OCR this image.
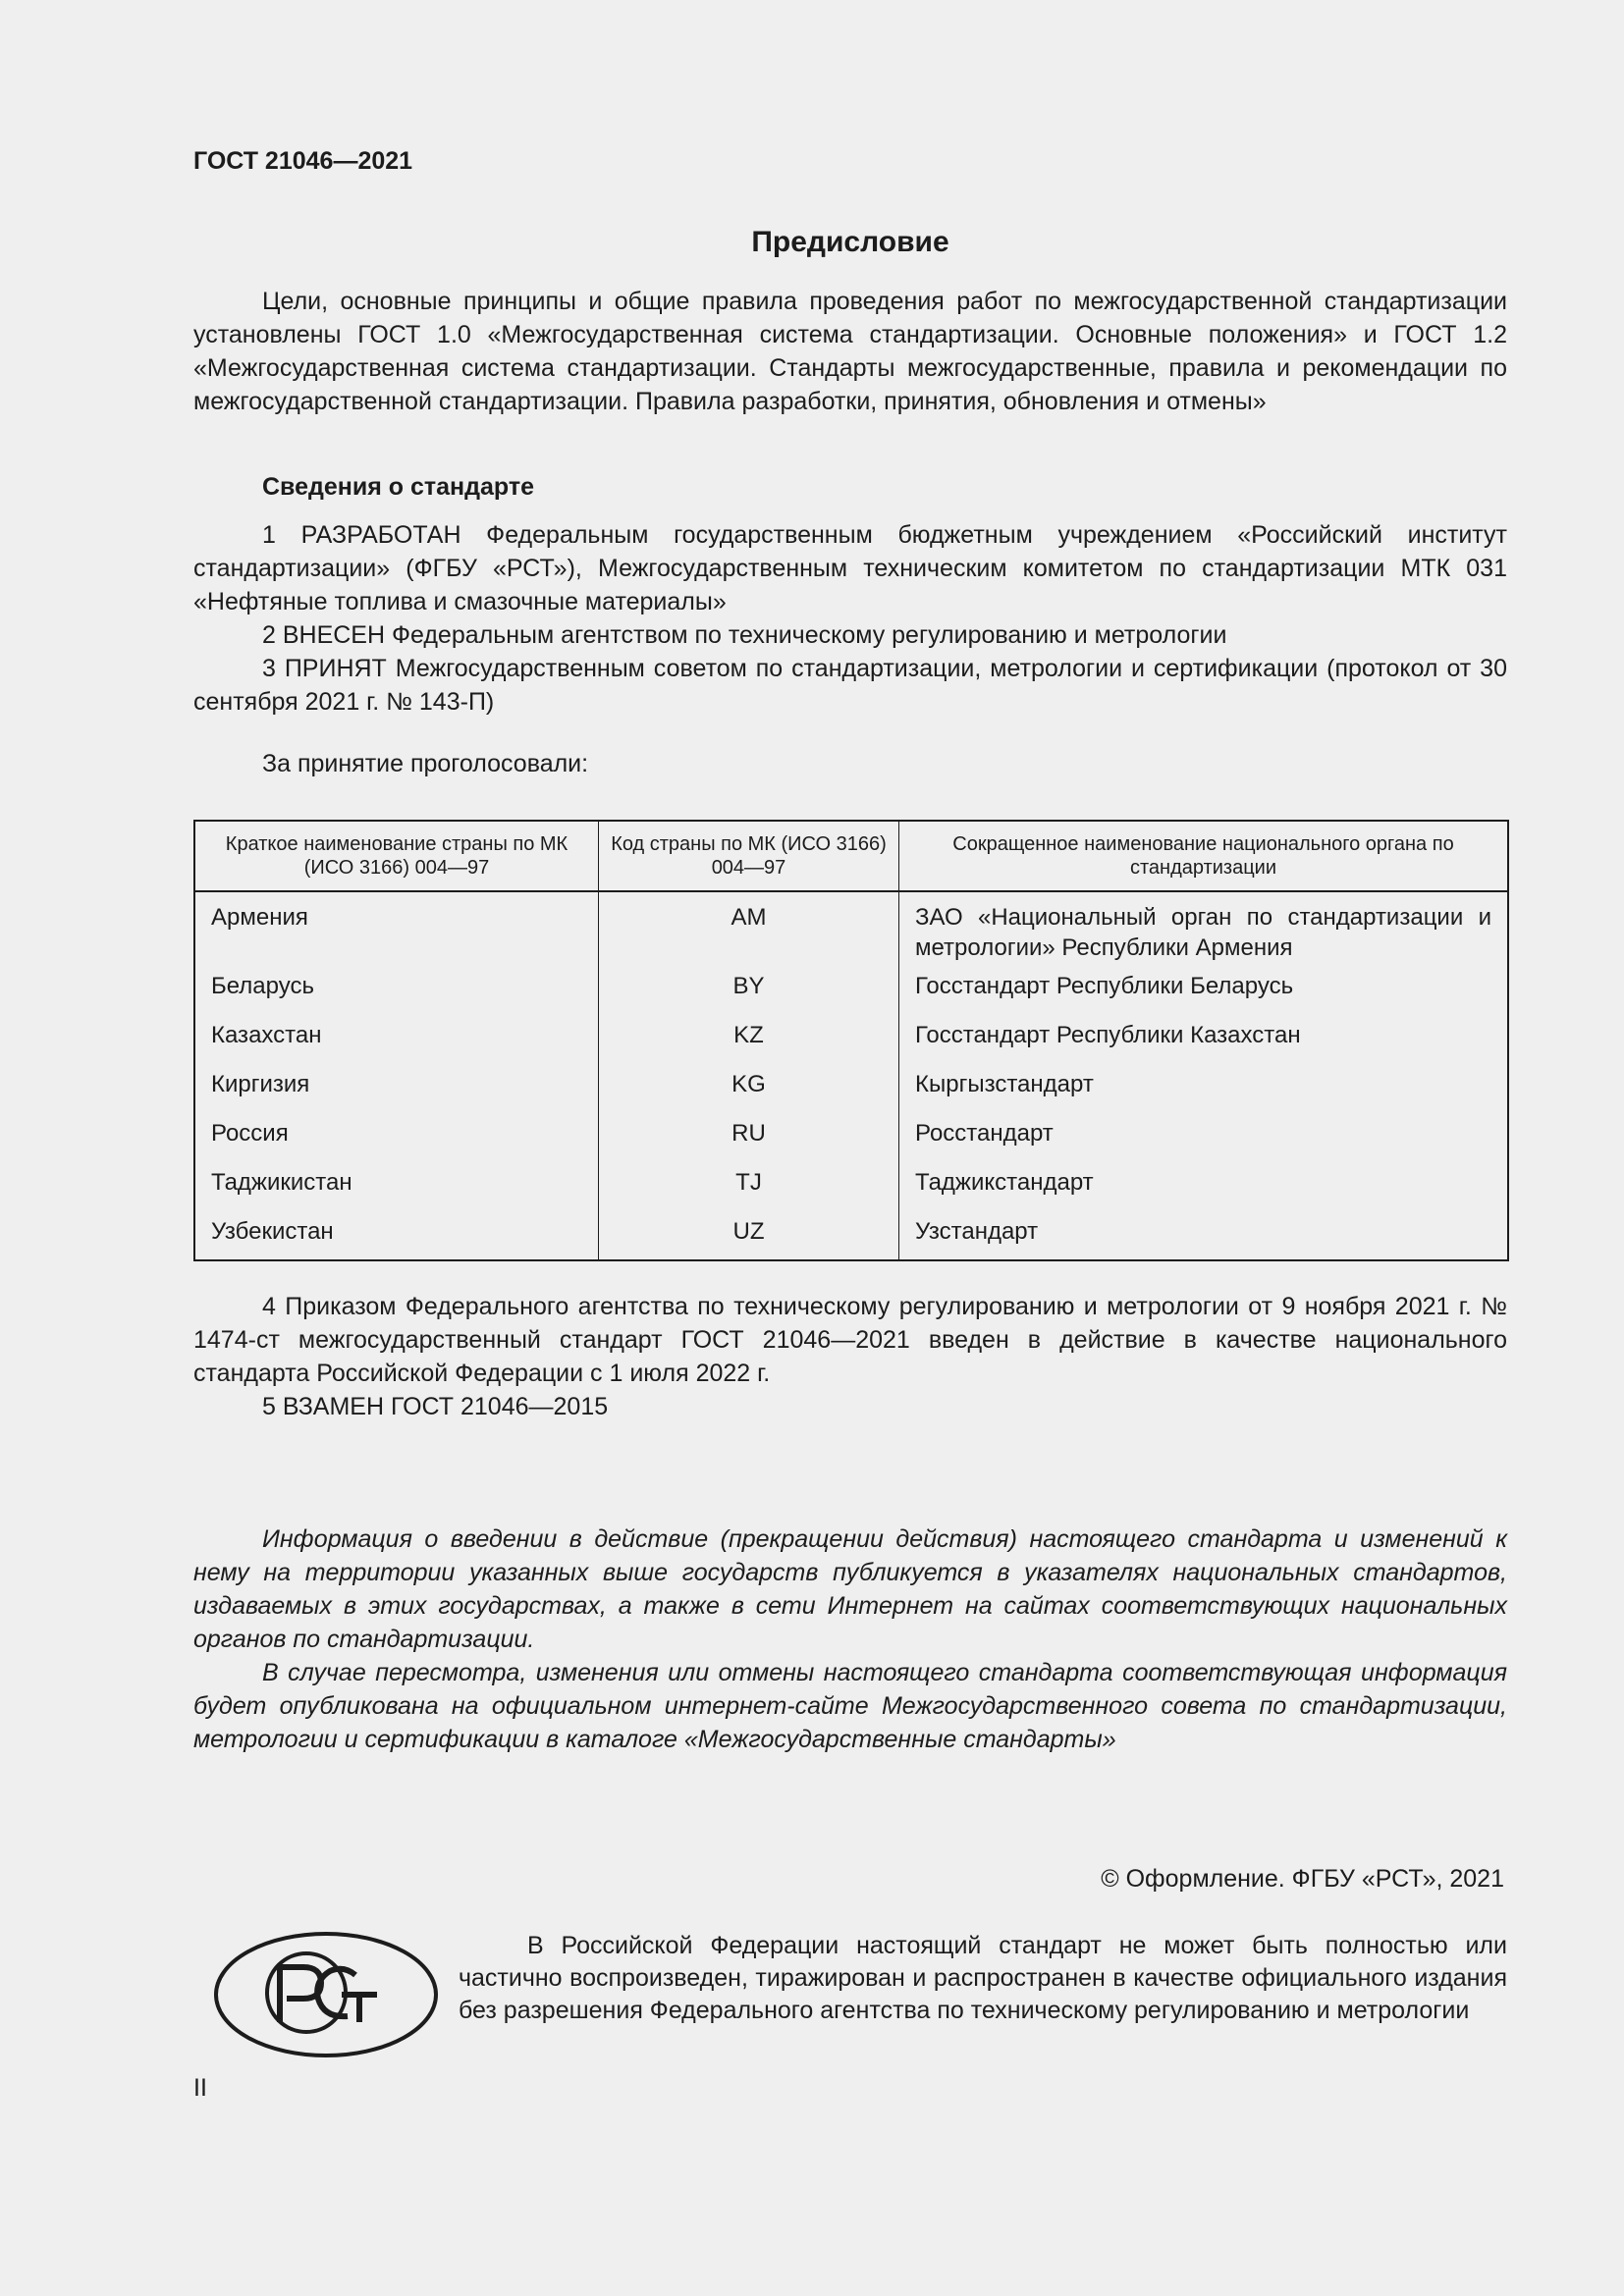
ГОСТ 21046—2021

Предисловие

Цели, основные принципы и общие правила проведения работ по межгосударственной стандартизации установлены ГОСТ 1.0 «Межгосударственная система стандартизации. Основные положения» и ГОСТ 1.2 «Межгосударственная система стандартизации. Стандарты межгосударственные, правила и рекомендации по межгосударственной стандартизации. Правила разработки, принятия, обновления и отмены»

Сведения о стандарте

1 РАЗРАБОТАН Федеральным государственным бюджетным учреждением «Российский институт стандартизации» (ФГБУ «РСТ»), Межгосударственным техническим комитетом по стандартизации МТК 031 «Нефтяные топлива и смазочные материалы»

2 ВНЕСЕН Федеральным агентством по техническому регулированию и метрологии

3 ПРИНЯТ Межгосударственным советом по стандартизации, метрологии и сертификации (протокол от 30 сентября 2021 г. № 143-П)

За принятие проголосовали:

Краткое наименование страны по МК (ИСО 3166) 004—97	Код страны по МК (ИСО 3166) 004—97	Сокращенное наименование национального органа по стандартизации
Армения	AM	ЗАО «Национальный орган по стандартизации и метрологии» Республики Армения
Беларусь	BY	Госстандарт Республики Беларусь
Казахстан	KZ	Госстандарт Республики Казахстан
Киргизия	KG	Кыргызстандарт
Россия	RU	Росстандарт
Таджикистан	TJ	Таджикстандарт
Узбекистан	UZ	Узстандарт

4 Приказом Федерального агентства по техническому регулированию и метрологии от 9 ноября 2021 г. № 1474-ст межгосударственный стандарт ГОСТ 21046—2021 введен в действие в качестве национального стандарта Российской Федерации с 1 июля 2022 г.

5 ВЗАМЕН ГОСТ 21046—2015

Информация о введении в действие (прекращении действия) настоящего стандарта и изменений к нему на территории указанных выше государств публикуется в указателях национальных стандартов, издаваемых в этих государствах, а также в сети Интернет на сайтах соответствующих национальных органов по стандартизации.

В случае пересмотра, изменения или отмены настоящего стандарта соответствующая информация будет опубликована на официальном интернет-сайте Межгосударственного совета по стандартизации, метрологии и сертификации в каталоге «Межгосударственные стандарты»

© Оформление. ФГБУ «РСТ», 2021

В Российской Федерации настоящий стандарт не может быть полностью или частично воспроизведен, тиражирован и распространен в качестве официального издания без разрешения Федерального агентства по техническому регулированию и метрологии

II
